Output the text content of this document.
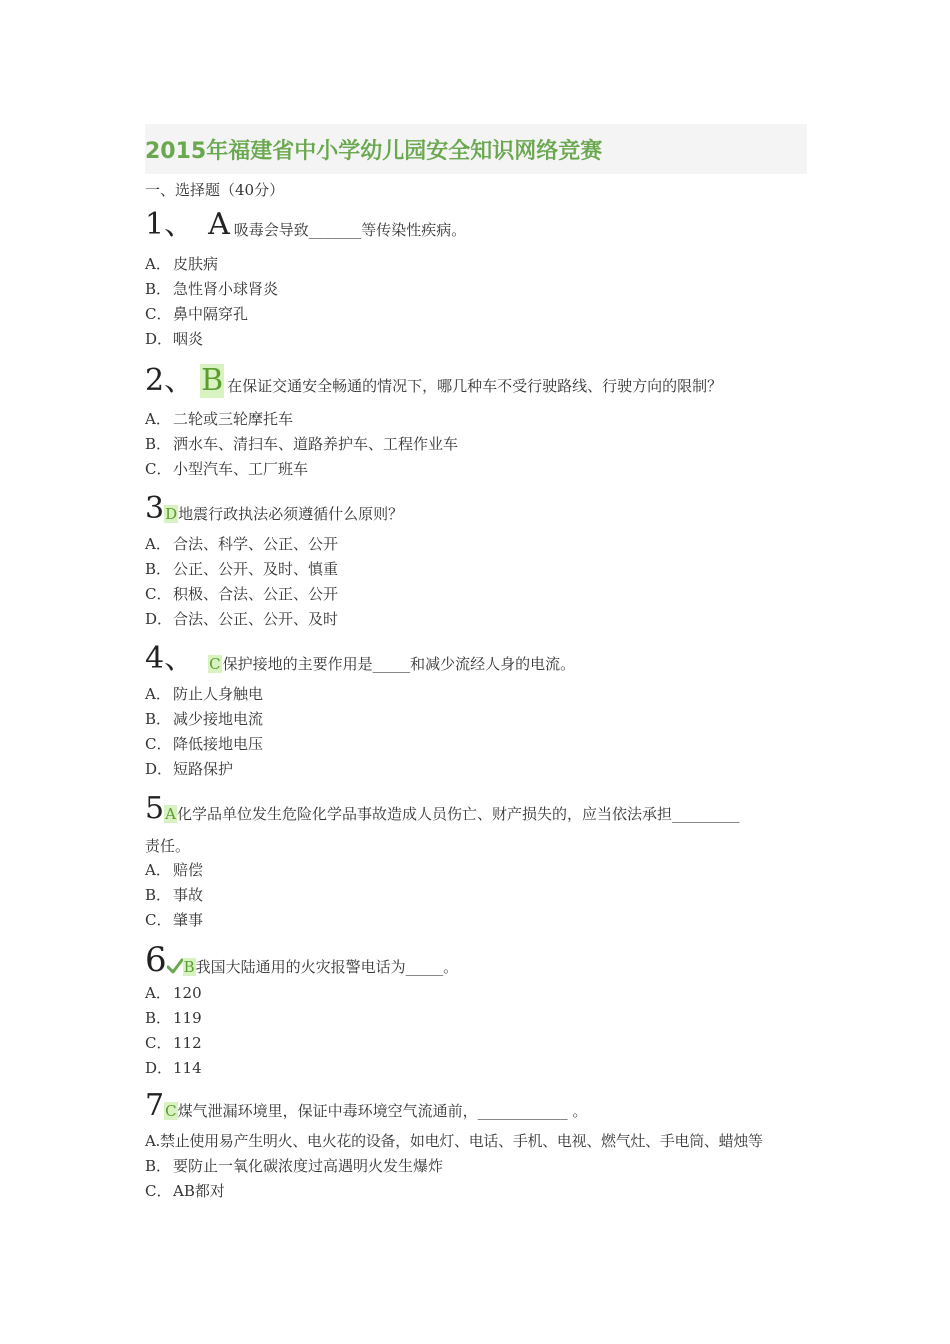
2015年福建省中小学幼儿园安全知识网络竞赛
一、选择题（40分）
1 、 A 吸毒会导致_______等传染性疾病。
A． 皮肤病
B． 急性肾小球肾炎
C． 鼻中隔穿孔
D．咽炎
2 、 B 在保证交通安全畅通的情况下，哪几种车不受行驶路线、行驶方向的限制？
A． 二轮或三轮摩托车
B． 洒水车、清扫车、道路养护车、工程作业车
C． 小型汽车、工厂班车
3 D 地震行政执法必须遵循什么原则？
A． 合法、科学、公正、公开
B． 公正、公开、及时、慎重
C． 积极、合法、公正、公开
D．合法、公正、公开、及时
4 、 C 保护接地的主要作用是_____和减少流经人身的电流。
A． 防止人身触电
B． 减少接地电流
C． 降低接地电压
D．短路保护
5 A 化学品单位发生危险化学品事故造成人员伤亡、财产损失的，应当依法承担_________
责任。
A． 赔偿
B． 事故
C． 肇事
6 B 我国大陆通用的火灾报警电话为_____。
A． 120
B． 119
C． 112
D．114
7 C 煤气泄漏环境里，保证中毒环境空气流通前，____________ 。
A.禁止使用易产生明火、电火花的设备，如电灯、电话、手机、电视、燃气灶、手电筒、蜡烛等
B． 要防止一氧化碳浓度过高遇明火发生爆炸
C． AB都对
